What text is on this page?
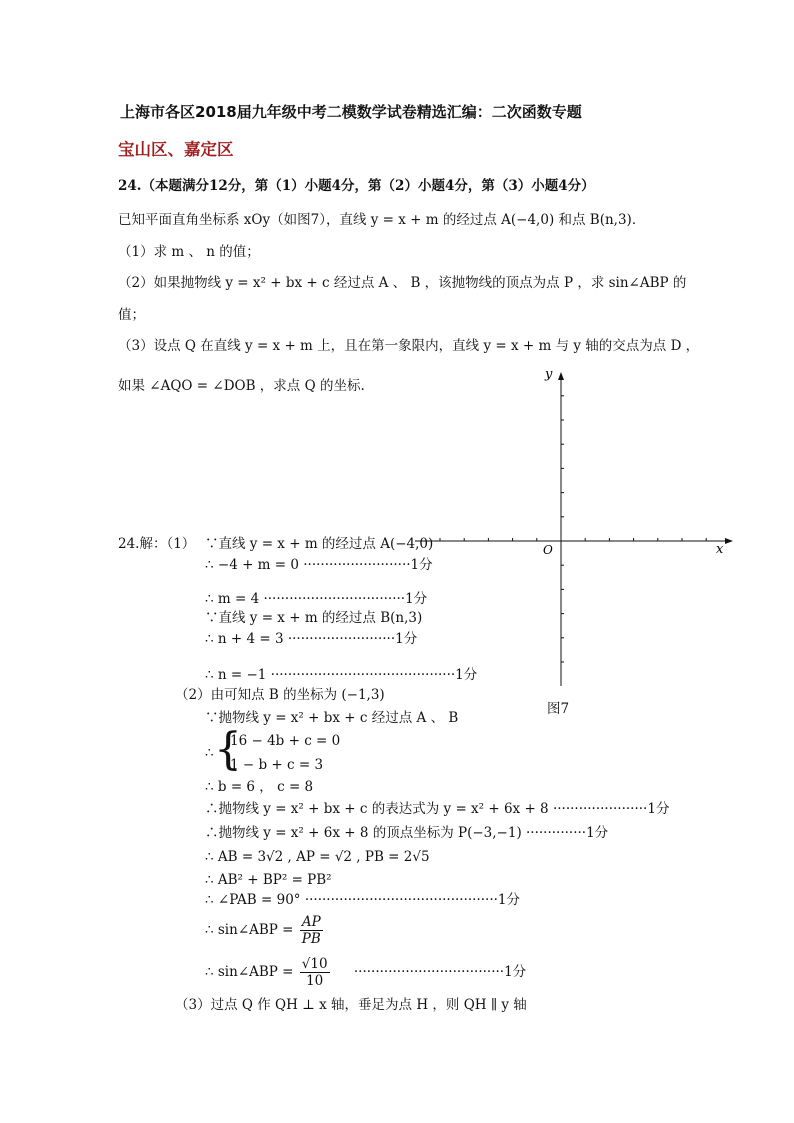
上海市各区2018届九年级中考二模数学试卷精选汇编：二次函数专题
宝山区、嘉定区
24.（本题满分12分，第（1）小题4分，第（2）小题4分，第（3）小题4分）
已知平面直角坐标系 xOy（如图7），直线 y = x + m 的经过点 A(−4,0) 和点 B(n,3)．
（1）求 m 、 n 的值；
（2）如果抛物线 y = x² + bx + c 经过点 A 、 B ，该抛物线的顶点为点 P ，求 sin∠ABP 的
值；
（3）设点 Q 在直线 y = x + m 上，且在第一象限内，直线 y = x + m 与 y 轴的交点为点 D ，
如果 ∠AQO = ∠DOB ，求点 Q 的坐标.
y
x
O
图7
24.解：（1） ∵直线 y = x + m 的经过点 A(−4,0)
∴ −4 + m = 0 ·························1分
∴ m = 4 ·································1分
∵直线 y = x + m 的经过点 B(n,3)
∴ n + 4 = 3 ·························1分
∴ n = −1 ···········································1分
（2）由可知点 B 的坐标为 (−1,3)
∵抛物线 y = x² + bx + c 经过点 A 、 B
∴ {
16 − 4b + c = 0
1 − b + c = 3
∴ b = 6 ， c = 8
∴抛物线 y = x² + bx + c 的表达式为 y = x² + 6x + 8 ······················1分
∴抛物线 y = x² + 6x + 8 的顶点坐标为 P(−3,−1) ··············1分
∴ AB = 3√2 , AP = √2 , PB = 2√5
∴ AB² + BP² = PB²
∴ ∠PAB = 90° ·············································1分
∴ sin∠ABP = $\frac{AP}{PB}$
∴ sin∠ABP = $\frac{√10}{10} \cdot\cdot\cdot\cdot\cdot\cdot\cdot\cdot\cdot\cdot\cdot\cdot\cdot\cdot\cdot\cdot\cdot\cdot\cdot\cdot\cdot\cdot\cdot\cdot\cdot\cdot\cdot\cdot\cdot\cdot\cdot\cdot\cdot\cdot\cdot 1$分
（3）过点 Q 作 QH ⊥ x 轴，垂足为点 H ，则 QH ∥ y 轴
